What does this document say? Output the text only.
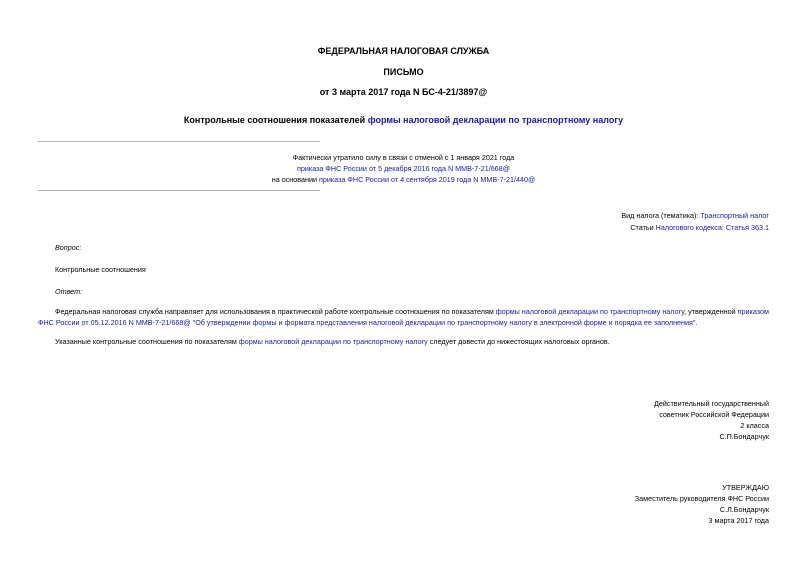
ФЕДЕРАЛЬНАЯ НАЛОГОВАЯ СЛУЖБА
ПИСЬМО
от 3 марта 2017 года N БС-4-21/3897@
Контрольные соотношения показателей формы налоговой декларации по транспортному налогу
Фактически утратило силу в связи с отменой с 1 января 2021 года
приказа ФНС России от 5 декабря 2016 года N ММВ-7-21/668@
на основании приказа ФНС России от 4 сентября 2019 года N ММВ-7-21/440@
Вид налога (тематика): Транспортный налог
Статьи Налогового кодекса: Статья 363.1
Вопрос:
Контрольные соотношения
Ответ:
Федеральная налоговая служба направляет для использования в практической работе контрольные соотношения по показателям формы налоговой декларации по транспортному налогу, утвержденной приказом
ФНС России от 05.12.2016 N ММВ-7-21/668@ "Об утверждении формы и формата представления налоговой декларации по транспортному налогу в электронной форме и порядка ее заполнения".
Указанные контрольные соотношения по показателям формы налоговой декларации по транспортному налогу следует довести до нижестоящих налоговых органов.
Действительный государственный
советник Российской Федерации
2 класса
С.П.Бондарчук
УТВЕРЖДАЮ
Заместитель руководителя ФНС России
С.Л.Бондарчук
3 марта 2017 года
